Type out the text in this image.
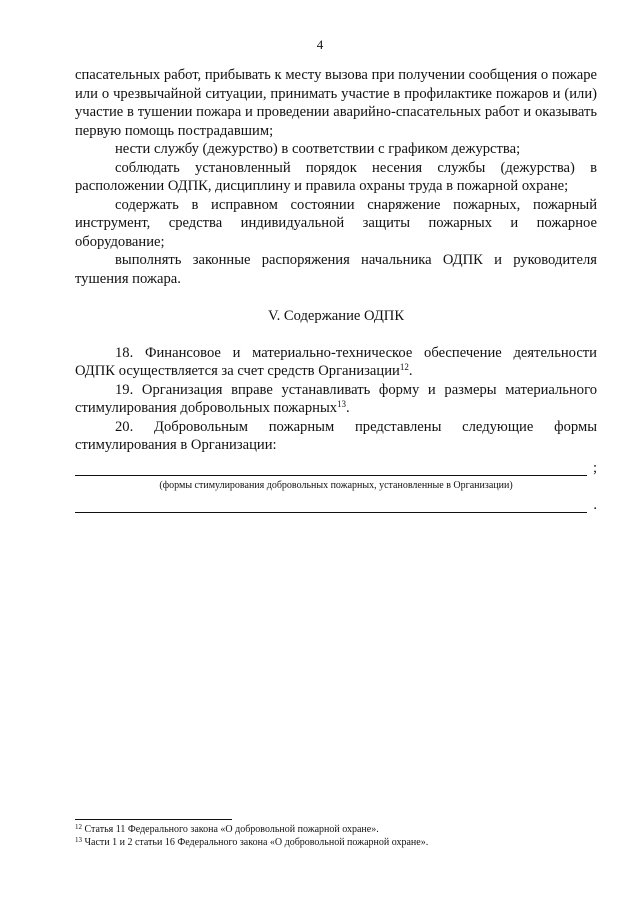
4

спасательных работ, прибывать к месту вызова при получении сообщения о пожаре или о чрезвычайной ситуации, принимать участие в профилактике пожаров и (или) участие в тушении пожара и проведении аварийно-спасательных работ и оказывать первую помощь пострадавшим;

нести службу (дежурство) в соответствии с графиком дежурства;

соблюдать установленный порядок несения службы (дежурства) в расположении ОДПК, дисциплину и правила охраны труда в пожарной охране;

содержать в исправном состоянии снаряжение пожарных, пожарный инструмент, средства индивидуальной защиты пожарных и пожарное оборудование;

выполнять законные распоряжения начальника ОДПК и руководителя тушения пожара.

V. Содержание ОДПК

18. Финансовое и материально-техническое обеспечение деятельности ОДПК осуществляется за счет средств Организации$^{12}$.

19. Организация вправе устанавливать форму и размеры материального стимулирования добровольных пожарных$^{13}$.

20. Добровольным пожарным представлены следующие формы стимулирования в Организации:

;
(формы стимулирования добровольных пожарных, установленные в Организации)
.

$^{12}$ Статья 11 Федерального закона «О добровольной пожарной охране».

$^{13}$ Части 1 и 2 статьи 16 Федерального закона «О добровольной пожарной охране».
